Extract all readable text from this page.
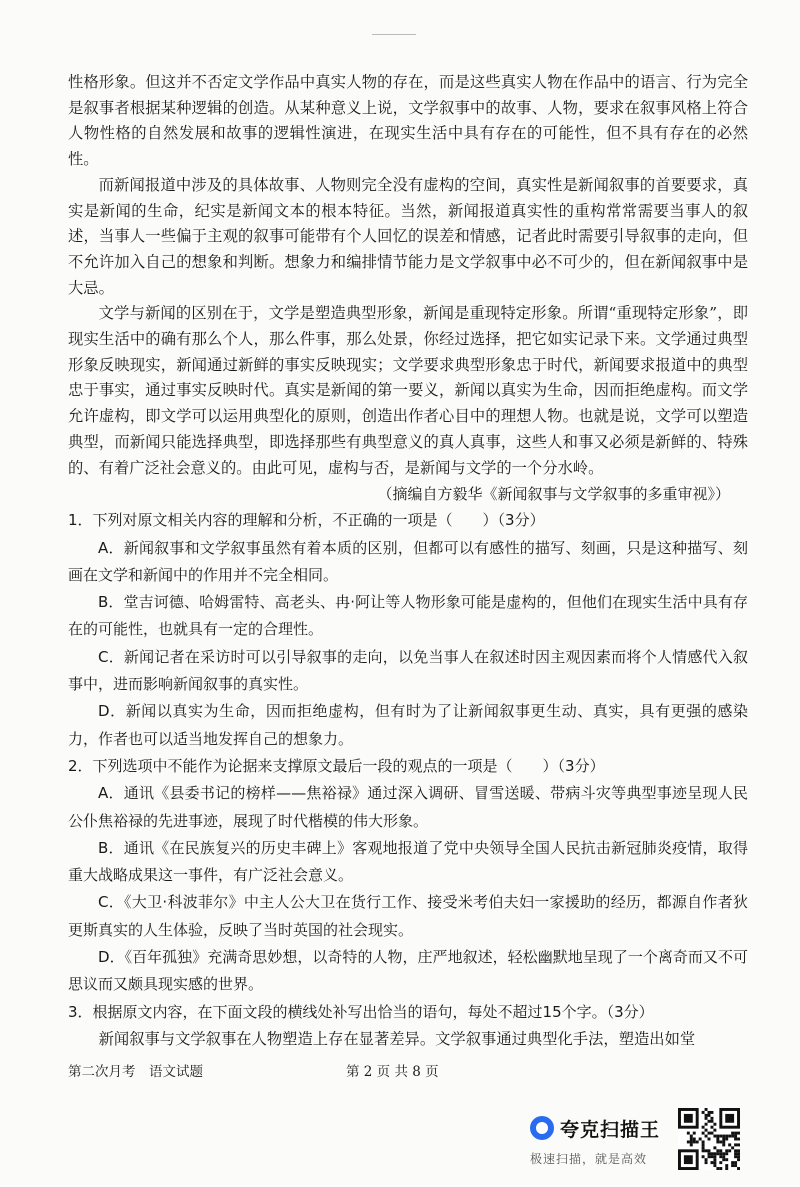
性格形象。但这并不否定文学作品中真实人物的存在，而是这些真实人物在作品中的语言、行为完全是叙事者根据某种逻辑的创造。从某种意义上说，文学叙事中的故事、人物，要求在叙事风格上符合人物性格的自然发展和故事的逻辑性演进，在现实生活中具有存在的可能性，但不具有存在的必然性。

而新闻报道中涉及的具体故事、人物则完全没有虚构的空间，真实性是新闻叙事的首要要求，真实是新闻的生命，纪实是新闻文本的根本特征。当然，新闻报道真实性的重构常常需要当事人的叙述，当事人一些偏于主观的叙事可能带有个人回忆的误差和情感，记者此时需要引导叙事的走向，但不允许加入自己的想象和判断。想象力和编排情节能力是文学叙事中必不可少的，但在新闻叙事中是大忌。

文学与新闻的区别在于，文学是塑造典型形象，新闻是重现特定形象。所谓“重现特定形象”，即现实生活中的确有那么个人，那么件事，那么处景，你经过选择，把它如实记录下来。文学通过典型形象反映现实，新闻通过新鲜的事实反映现实；文学要求典型形象忠于时代，新闻要求报道中的典型忠于事实，通过事实反映时代。真实是新闻的第一要义，新闻以真实为生命，因而拒绝虚构。而文学允许虚构，即文学可以运用典型化的原则，创造出作者心目中的理想人物。也就是说，文学可以塑造典型，而新闻只能选择典型，即选择那些有典型意义的真人真事，这些人和事又必须是新鲜的、特殊的、有着广泛社会意义的。由此可见，虚构与否，是新闻与文学的一个分水岭。

（摘编自方毅华《新闻叙事与文学叙事的多重审视》）

1．下列对原文相关内容的理解和分析，不正确的一项是（　　）（3分）

A．新闻叙事和文学叙事虽然有着本质的区别，但都可以有感性的描写、刻画，只是这种描写、刻画在文学和新闻中的作用并不完全相同。

B．堂吉诃德、哈姆雷特、高老头、冉·阿让等人物形象可能是虚构的，但他们在现实生活中具有存在的可能性，也就具有一定的合理性。

C．新闻记者在采访时可以引导叙事的走向，以免当事人在叙述时因主观因素而将个人情感代入叙事中，进而影响新闻叙事的真实性。

D．新闻以真实为生命，因而拒绝虚构，但有时为了让新闻叙事更生动、真实，具有更强的感染力，作者也可以适当地发挥自己的想象力。

2．下列选项中不能作为论据来支撑原文最后一段的观点的一项是（　　）（3分）

A．通讯《县委书记的榜样——焦裕禄》通过深入调研、冒雪送暖、带病斗灾等典型事迹呈现人民公仆焦裕禄的先进事迹，展现了时代楷模的伟大形象。

B．通讯《在民族复兴的历史丰碑上》客观地报道了党中央领导全国人民抗击新冠肺炎疫情，取得重大战略成果这一事件，有广泛社会意义。

C．《大卫·科波菲尔》中主人公大卫在货行工作、接受米考伯夫妇一家援助的经历，都源自作者狄更斯真实的人生体验，反映了当时英国的社会现实。

D．《百年孤独》充满奇思妙想，以奇特的人物，庄严地叙述，轻松幽默地呈现了一个离奇而又不可思议而又颇具现实感的世界。

3．根据原文内容，在下面文段的横线处补写出恰当的语句，每处不超过15个字。（3分）

新闻叙事与文学叙事在人物塑造上存在显著差异。文学叙事通过典型化手法，塑造出如堂

第二次月考　语文试题	第 2 页 共 8 页
夸克扫描王
极速扫描，就是高效
